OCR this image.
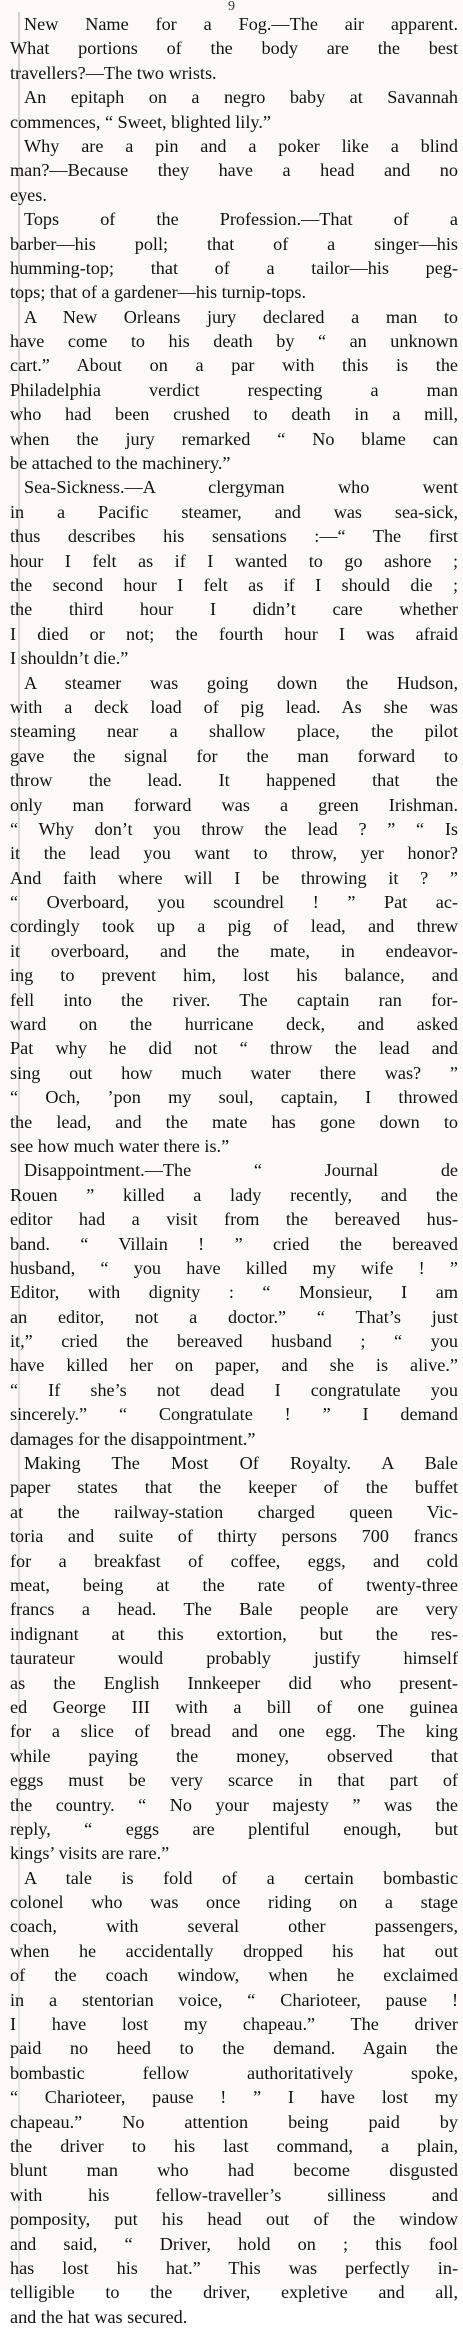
9
New Name for a Fog.—The air apparent.
What portions of the body are the best
travellers?—The two wrists.
An epitaph on a negro baby at Savannah
commences, “ Sweet, blighted lily.”
Why are a pin and a poker like a blind
man?—Because they have a head and no
eyes.
Tops of the Profession.—That of a
barber—his poll; that of a singer—his
humming-top; that of a tailor—his peg-
tops; that of a gardener—his turnip-tops.
A New Orleans jury declared a man to
have come to his death by “ an unknown
cart.” About on a par with this is the
Philadelphia verdict respecting a man
who had been crushed to death in a mill,
when the jury remarked “ No blame can
be attached to the machinery.”
Sea-Sickness.—A clergyman who went
in a Pacific steamer, and was sea-sick,
thus describes his sensations :—“ The first
hour I felt as if I wanted to go ashore ;
the second hour I felt as if I should die ;
the third hour I didn’t care whether
I died or not; the fourth hour I was afraid
I shouldn’t die.”
A steamer was going down the Hudson,
with a deck load of pig lead. As she was
steaming near a shallow place, the pilot
gave the signal for the man forward to
throw the lead. It happened that the
only man forward was a green Irishman.
“ Why don’t you throw the lead ? ” “ Is
it the lead you want to throw, yer honor?
And faith where will I be throwing it ? ”
“ Overboard, you scoundrel ! ” Pat ac-
cordingly took up a pig of lead, and threw
it overboard, and the mate, in endeavor-
ing to prevent him, lost his balance, and
fell into the river. The captain ran for-
ward on the hurricane deck, and asked
Pat why he did not “ throw the lead and
sing out how much water there was? ”
“ Och, ’pon my soul, captain, I throwed
the lead, and the mate has gone down to
see how much water there is.”
Disappointment.—The “ Journal de
Rouen ” killed a lady recently, and the
editor had a visit from the bereaved hus-
band. “ Villain ! ” cried the bereaved
husband, “ you have killed my wife ! ”
Editor, with dignity : “ Monsieur, I am
an editor, not a doctor.” “ That’s just
it,” cried the bereaved husband ; “ you
have killed her on paper, and she is alive.”
“ If she’s not dead I congratulate you
sincerely.” “ Congratulate ! ” I demand
damages for the disappointment.”
Making The Most Of Royalty. A Bale
paper states that the keeper of the buffet
at the railway-station charged queen Vic-
toria and suite of thirty persons 700 francs
for a breakfast of coffee, eggs, and cold
meat, being at the rate of twenty-three
francs a head. The Bale people are very
indignant at this extortion, but the res-
taurateur would probably justify himself
as the English Innkeeper did who present-
ed George III with a bill of one guinea
for a slice of bread and one egg. The king
while paying the money, observed that
eggs must be very scarce in that part of
the country. “ No your majesty ” was the
reply, “ eggs are plentiful enough, but
kings’ visits are rare.”
A tale is fold of a certain bombastic
colonel who was once riding on a stage
coach, with several other passengers,
when he accidentally dropped his hat out
of the coach window, when he exclaimed
in a stentorian voice, “ Charioteer, pause !
I have lost my chapeau.” The driver
paid no heed to the demand. Again the
bombastic fellow authoritatively spoke,
“ Charioteer, pause ! ” I have lost my
chapeau.” No attention being paid by
the driver to his last command, a plain,
blunt man who had become disgusted
with his fellow-traveller’s silliness and
pomposity, put his head out of the window
and said, “ Driver, hold on ; this fool
has lost his hat.” This was perfectly in-
telligible to the driver, expletive and all,
and the hat was secured.
